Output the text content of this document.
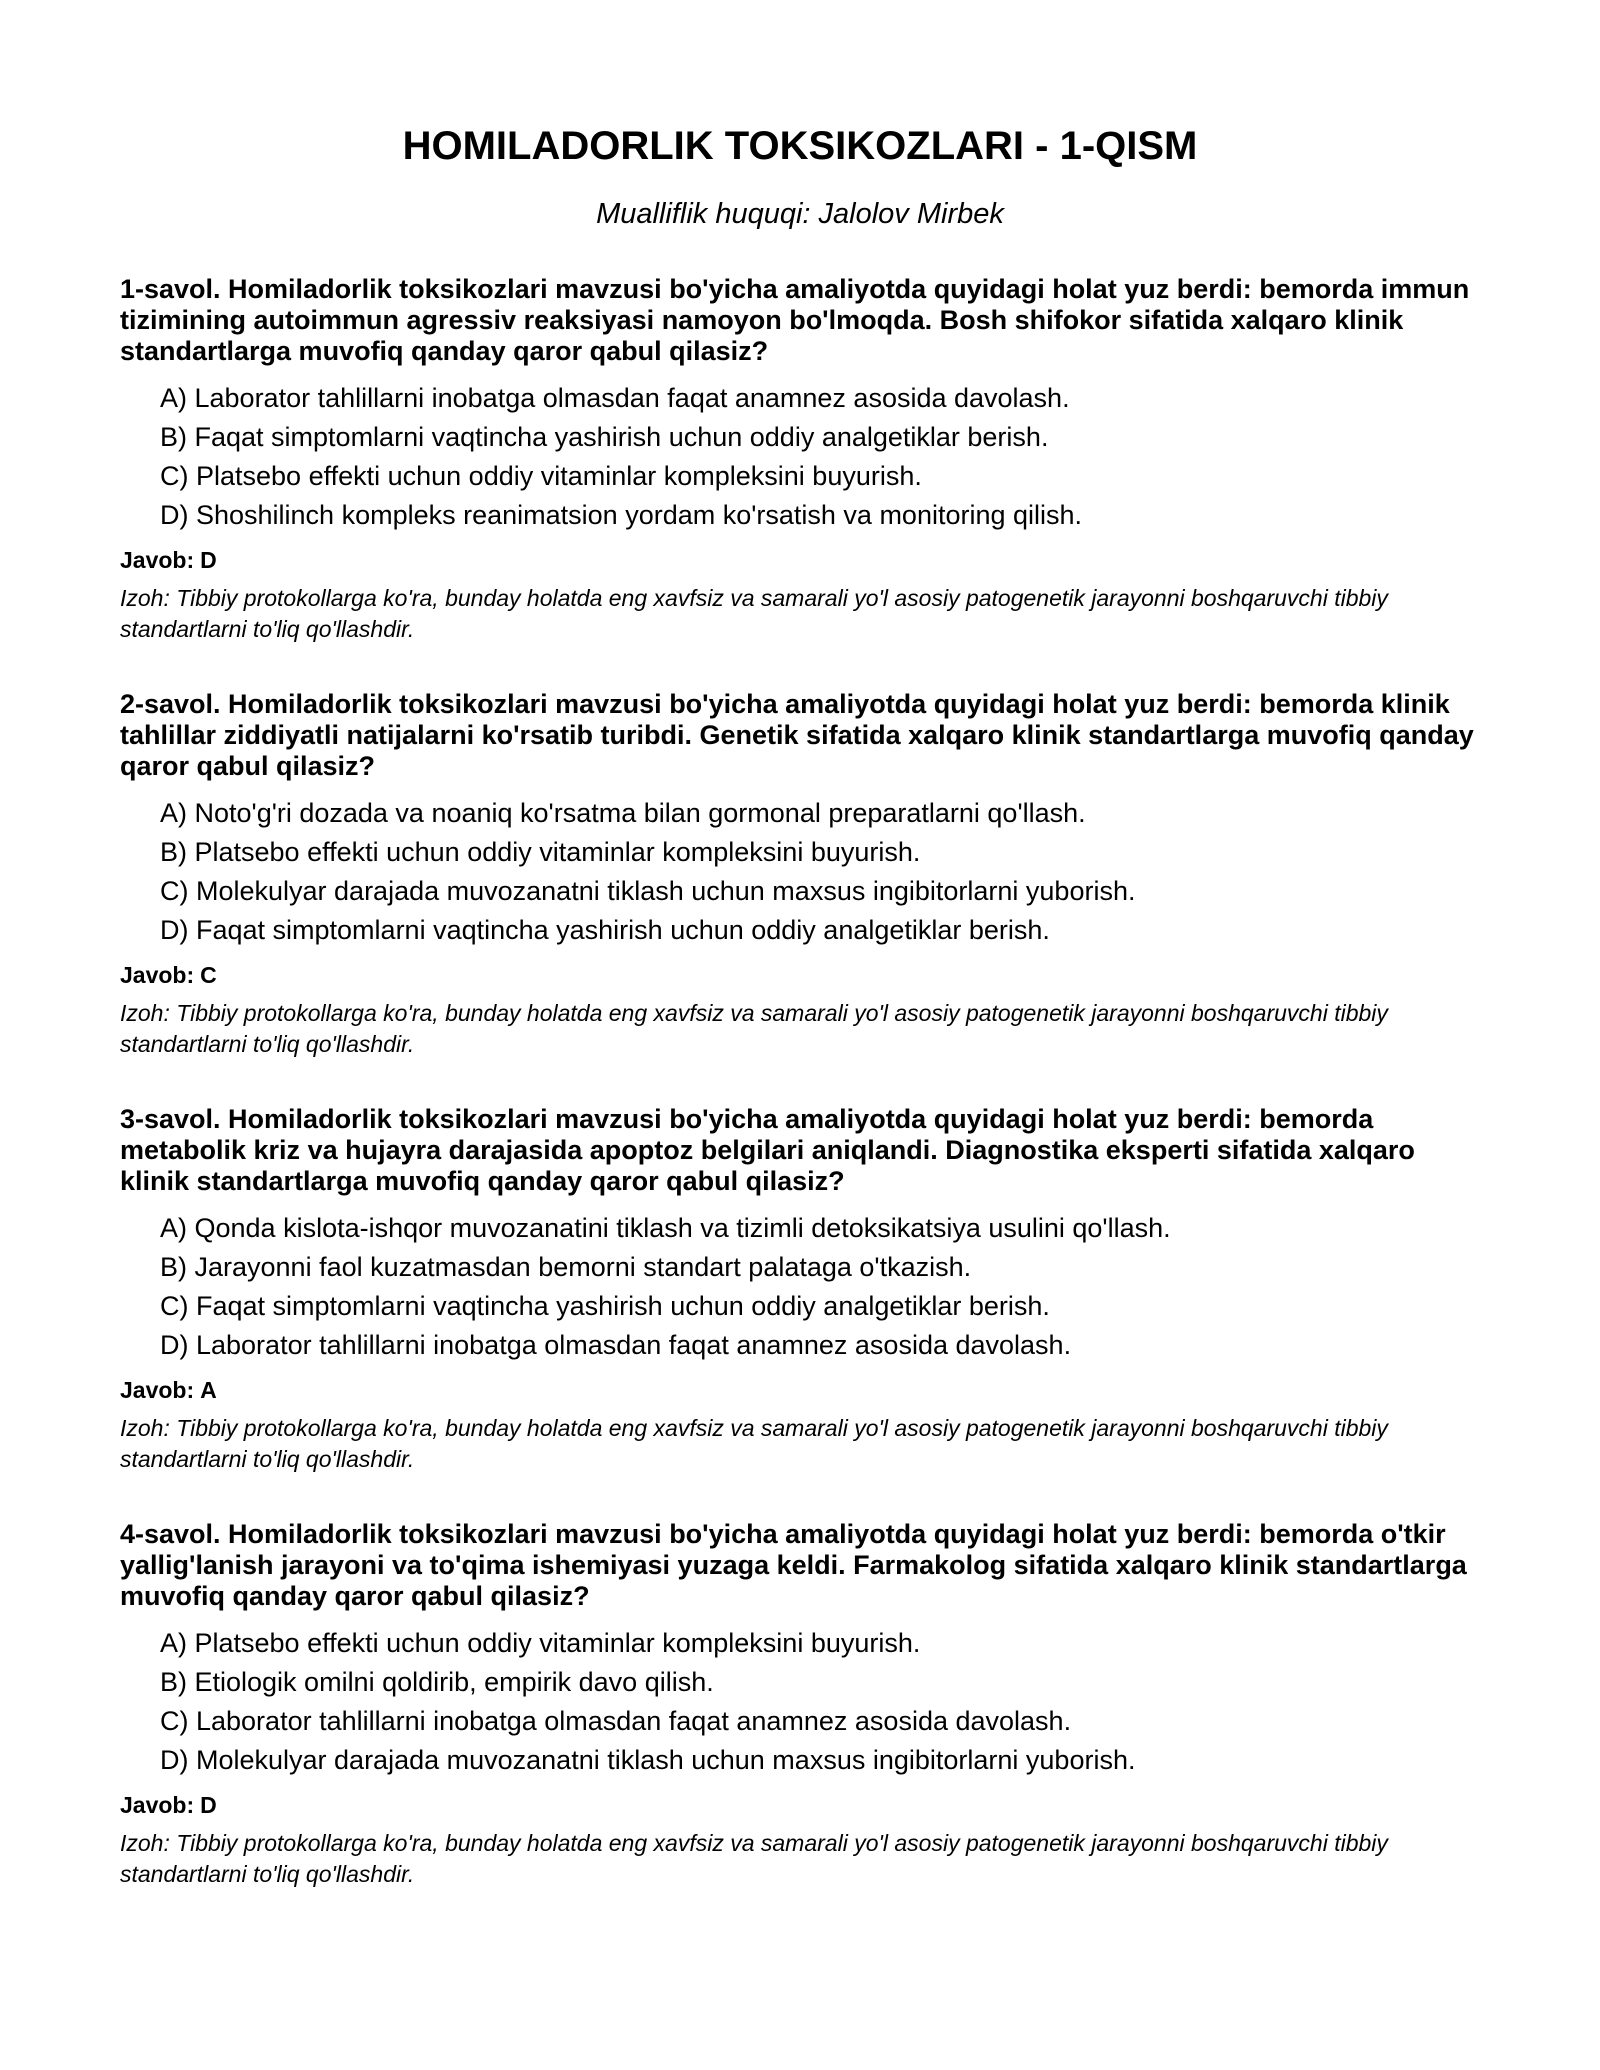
HOMILADORLIK TOKSIKOZLARI - 1-QISM

Mualliflik huquqi: Jalolov Mirbek

1-savol. Homiladorlik toksikozlari mavzusi bo'yicha amaliyotda quyidagi holat yuz berdi: bemorda immun tizimining autoimmun agressiv reaksiyasi namoyon bo'lmoqda. Bosh shifokor sifatida xalqaro klinik standartlarga muvofiq qanday qaror qabul qilasiz?

A) Laborator tahlillarni inobatga olmasdan faqat anamnez asosida davolash.
B) Faqat simptomlarni vaqtincha yashirish uchun oddiy analgetiklar berish.
C) Platsebo effekti uchun oddiy vitaminlar kompleksini buyurish.
D) Shoshilinch kompleks reanimatsion yordam ko'rsatish va monitoring qilish.

Javob: D

Izoh: Tibbiy protokollarga ko'ra, bunday holatda eng xavfsiz va samarali yo'l asosiy patogenetik jarayonni boshqaruvchi tibbiy standartlarni to'liq qo'llashdir.

2-savol. Homiladorlik toksikozlari mavzusi bo'yicha amaliyotda quyidagi holat yuz berdi: bemorda klinik tahlillar ziddiyatli natijalarni ko'rsatib turibdi. Genetik sifatida xalqaro klinik standartlarga muvofiq qanday qaror qabul qilasiz?

A) Noto'g'ri dozada va noaniq ko'rsatma bilan gormonal preparatlarni qo'llash.
B) Platsebo effekti uchun oddiy vitaminlar kompleksini buyurish.
C) Molekulyar darajada muvozanatni tiklash uchun maxsus ingibitorlarni yuborish.
D) Faqat simptomlarni vaqtincha yashirish uchun oddiy analgetiklar berish.

Javob: C

Izoh: Tibbiy protokollarga ko'ra, bunday holatda eng xavfsiz va samarali yo'l asosiy patogenetik jarayonni boshqaruvchi tibbiy standartlarni to'liq qo'llashdir.

3-savol. Homiladorlik toksikozlari mavzusi bo'yicha amaliyotda quyidagi holat yuz berdi: bemorda metabolik kriz va hujayra darajasida apoptoz belgilari aniqlandi. Diagnostika eksperti sifatida xalqaro klinik standartlarga muvofiq qanday qaror qabul qilasiz?

A) Qonda kislota-ishqor muvozanatini tiklash va tizimli detoksikatsiya usulini qo'llash.
B) Jarayonni faol kuzatmasdan bemorni standart palataga o'tkazish.
C) Faqat simptomlarni vaqtincha yashirish uchun oddiy analgetiklar berish.
D) Laborator tahlillarni inobatga olmasdan faqat anamnez asosida davolash.

Javob: A

Izoh: Tibbiy protokollarga ko'ra, bunday holatda eng xavfsiz va samarali yo'l asosiy patogenetik jarayonni boshqaruvchi tibbiy standartlarni to'liq qo'llashdir.

4-savol. Homiladorlik toksikozlari mavzusi bo'yicha amaliyotda quyidagi holat yuz berdi: bemorda o'tkir yallig'lanish jarayoni va to'qima ishemiyasi yuzaga keldi. Farmakolog sifatida xalqaro klinik standartlarga muvofiq qanday qaror qabul qilasiz?

A) Platsebo effekti uchun oddiy vitaminlar kompleksini buyurish.
B) Etiologik omilni qoldirib, empirik davo qilish.
C) Laborator tahlillarni inobatga olmasdan faqat anamnez asosida davolash.
D) Molekulyar darajada muvozanatni tiklash uchun maxsus ingibitorlarni yuborish.

Javob: D

Izoh: Tibbiy protokollarga ko'ra, bunday holatda eng xavfsiz va samarali yo'l asosiy patogenetik jarayonni boshqaruvchi tibbiy standartlarni to'liq qo'llashdir.
